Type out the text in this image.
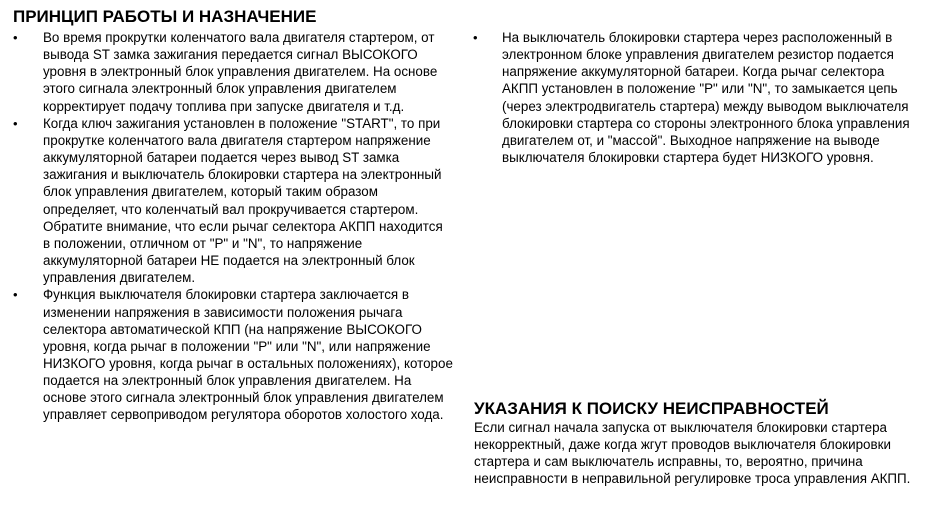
ПРИНЦИП РАБОТЫ И НАЗНАЧЕНИЕ
•	Во время прокрутки коленчатого вала двигателя стартером, от вывода ST замка зажигания передается сигнал ВЫСОКОГО уровня в электронный блок управления двигателем. На основе этого сигнала электронный блок управления двигателем корректирует подачу топлива при запуске двигателя и т.д.
•	Когда ключ зажигания установлен в положение "START", то при прокрутке коленчатого вала двигателя стартером напряжение аккумуляторной батареи подается через вывод ST замка зажигания и выключатель блокировки стартера на электронный блок управления двигателем, который таким образом определяет, что коленчатый вал прокручивается стартером. Обратите внимание, что если рычаг селектора АКПП находится в положении, отличном от "P" и "N", то напряжение аккумуляторной батареи НЕ подается на электронный блок управления двигателем.
•	Функция выключателя блокировки стартера заключается в изменении напряжения в зависимости положения рычага селектора автоматической КПП (на напряжение ВЫСОКОГО уровня, когда рычаг в положении "P" или "N", или напряжение НИЗКОГО уровня, когда рычаг в остальных положениях), которое подается на электронный блок управления двигателем. На основе этого сигнала электронный блок управления двигателем управляет сервоприводом регулятора оборотов холостого хода.
•	На выключатель блокировки стартера через расположенный в электронном блоке управления двигателем резистор подается напряжение аккумуляторной батареи. Когда рычаг селектора АКПП установлен в положение "P" или "N", то замыкается цепь (через электродвигатель стартера) между выводом выключателя блокировки стартера со стороны электронного блока управления двигателем от, и "массой". Выходное напряжение на выводе выключателя блокировки стартера будет НИЗКОГО уровня.
УКАЗАНИЯ К ПОИСКУ НЕИСПРАВНОСТЕЙ
Если сигнал начала запуска от выключателя блокировки стартера некорректный, даже когда жгут проводов выключателя блокировки стартера и сам выключатель исправны, то, вероятно, причина неисправности в неправильной регулировке троса управления АКПП.
